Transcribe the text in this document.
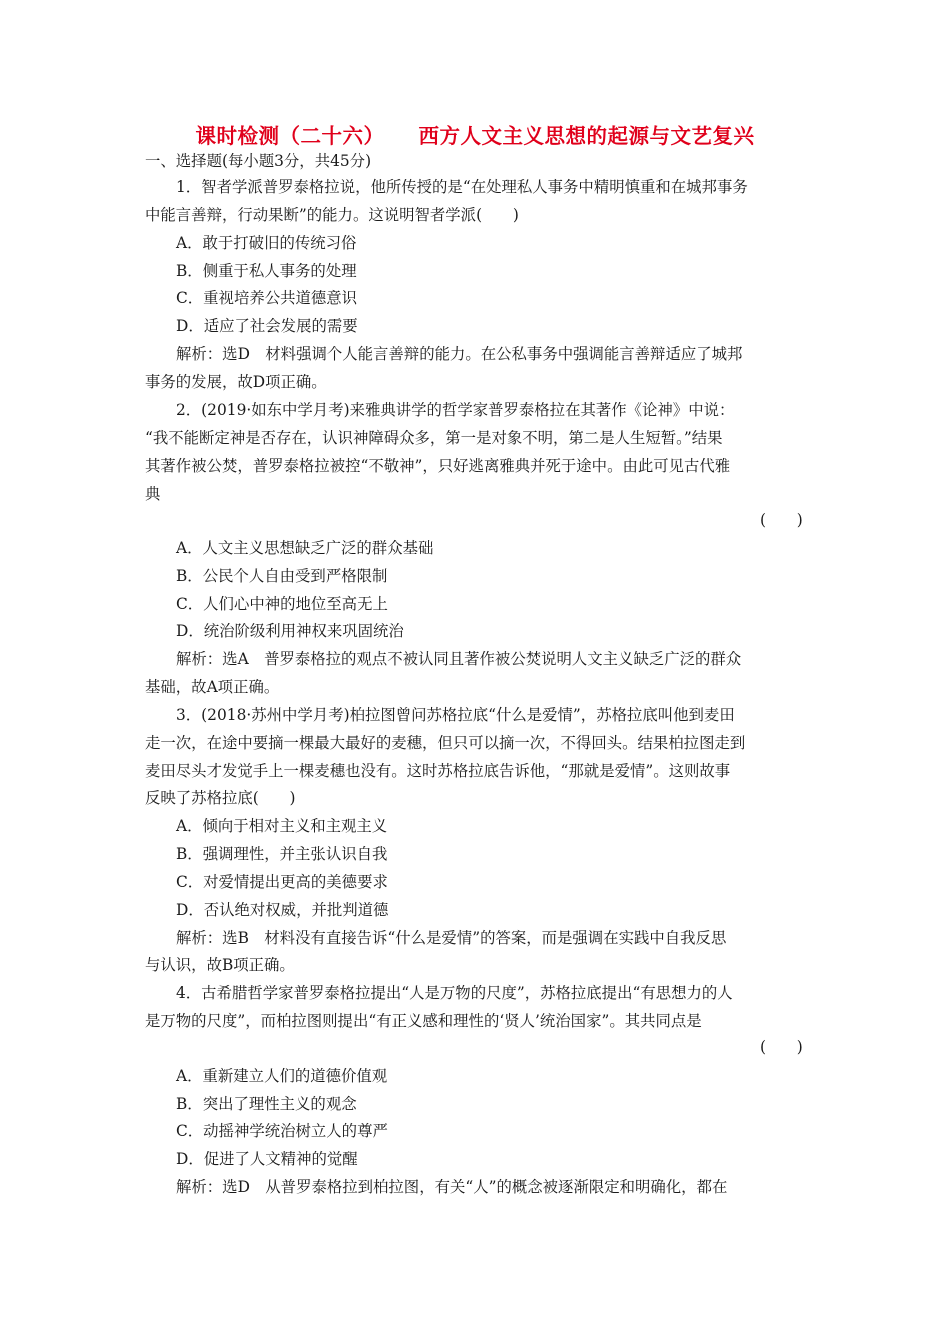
课时检测（二十六） 西方人文主义思想的起源与文艺复兴
一、选择题(每小题3分，共45分)
1．智者学派普罗泰格拉说，他所传授的是“在处理私人事务中精明慎重和在城邦事务
中能言善辩，行动果断”的能力。这说明智者学派(　　)
A．敢于打破旧的传统习俗
B．侧重于私人事务的处理
C．重视培养公共道德意识
D．适应了社会发展的需要
解析：选D　材料强调个人能言善辩的能力。在公私事务中强调能言善辩适应了城邦
事务的发展，故D项正确。
2．(2019·如东中学月考)来雅典讲学的哲学家普罗泰格拉在其著作《论神》中说：
“我不能断定神是否存在，认识神障碍众多，第一是对象不明，第二是人生短暂。”结果
其著作被公焚，普罗泰格拉被控“不敬神”，只好逃离雅典并死于途中。由此可见古代雅
典
(　　)
A．人文主义思想缺乏广泛的群众基础
B．公民个人自由受到严格限制
C．人们心中神的地位至高无上
D．统治阶级利用神权来巩固统治
解析：选A　普罗泰格拉的观点不被认同且著作被公焚说明人文主义缺乏广泛的群众
基础，故A项正确。
3．(2018·苏州中学月考)柏拉图曾问苏格拉底“什么是爱情”，苏格拉底叫他到麦田
走一次，在途中要摘一棵最大最好的麦穗，但只可以摘一次，不得回头。结果柏拉图走到
麦田尽头才发觉手上一棵麦穗也没有。这时苏格拉底告诉他，“那就是爱情”。这则故事
反映了苏格拉底(　　)
A．倾向于相对主义和主观主义
B．强调理性，并主张认识自我
C．对爱情提出更高的美德要求
D．否认绝对权威，并批判道德
解析：选B　材料没有直接告诉“什么是爱情”的答案，而是强调在实践中自我反思
与认识，故B项正确。
4．古希腊哲学家普罗泰格拉提出“人是万物的尺度”，苏格拉底提出“有思想力的人
是万物的尺度”，而柏拉图则提出“有正义感和理性的‘贤人’统治国家”。其共同点是
(　　)
A．重新建立人们的道德价值观
B．突出了理性主义的观念
C．动摇神学统治树立人的尊严
D．促进了人文精神的觉醒
解析：选D　从普罗泰格拉到柏拉图，有关“人”的概念被逐渐限定和明确化，都在
